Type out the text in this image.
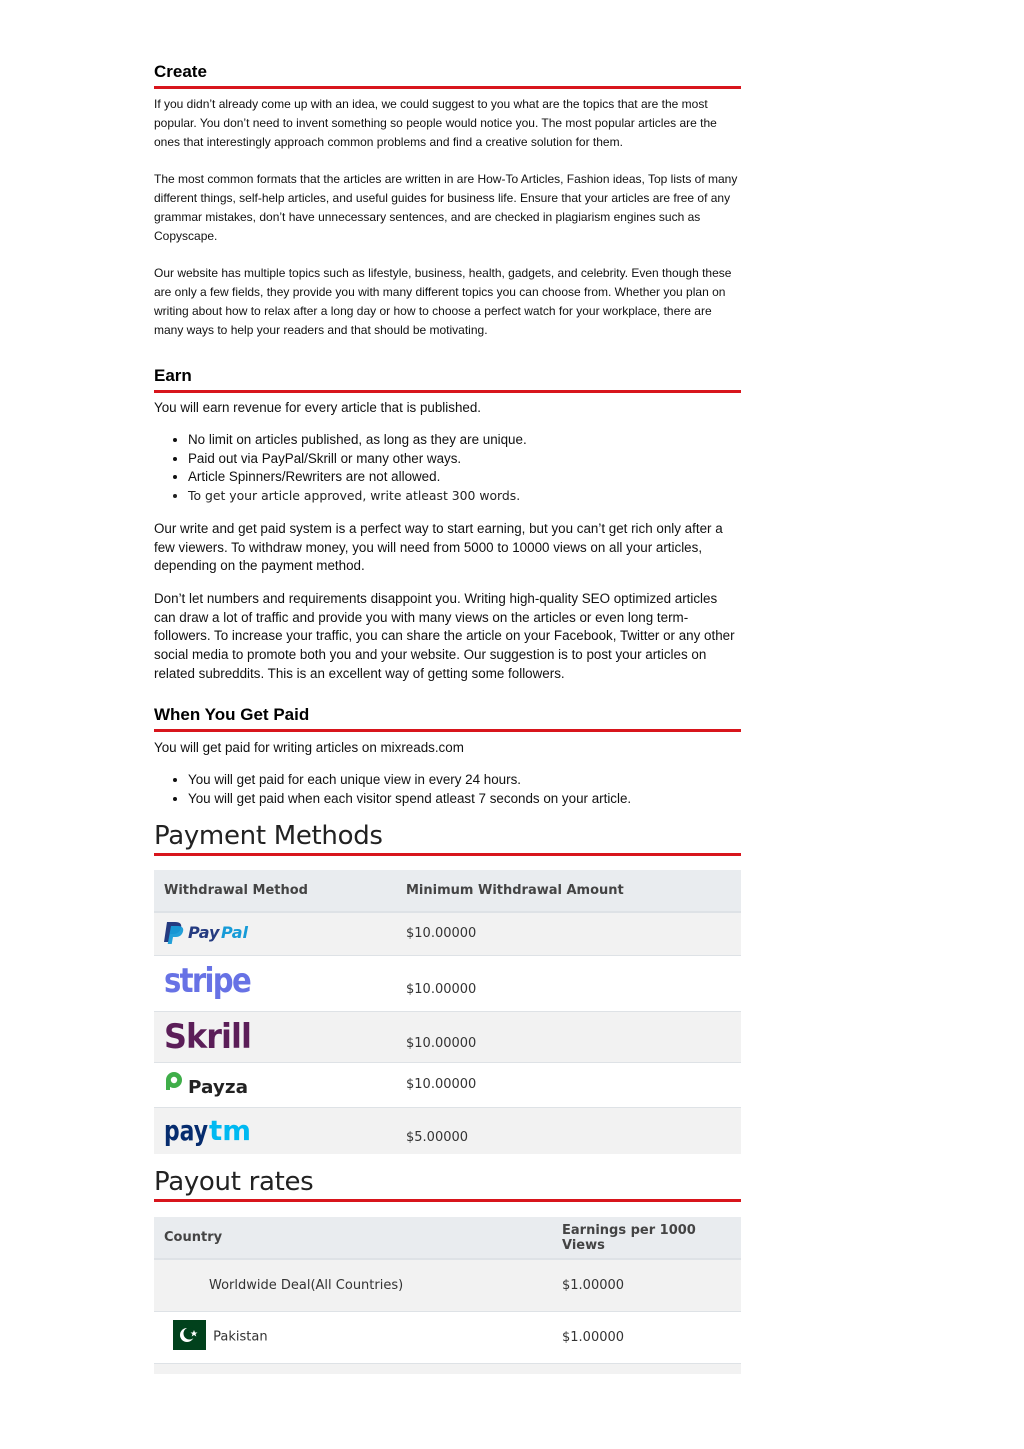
Create

If you didn’t already come up with an idea, we could suggest to you what are the topics that are the most popular. You don’t need to invent something so people would notice you. The most popular articles are the ones that interestingly approach common problems and find a creative solution for them.

The most common formats that the articles are written in are How-To Articles, Fashion ideas, Top lists of many different things, self-help articles, and useful guides for business life. Ensure that your articles are free of any grammar mistakes, don’t have unnecessary sentences, and are checked in plagiarism engines such as Copyscape.

Our website has multiple topics such as lifestyle, business, health, gadgets, and celebrity. Even though these are only a few fields, they provide you with many different topics you can choose from. Whether you plan on writing about how to relax after a long day or how to choose a perfect watch for your workplace, there are many ways to help your readers and that should be motivating.

Earn

You will earn revenue for every article that is published.

• No limit on articles published, as long as they are unique.
• Paid out via PayPal/Skrill or many other ways.
• Article Spinners/Rewriters are not allowed.
• To get your article approved, write atleast 300 words.

Our write and get paid system is a perfect way to start earning, but you can’t get rich only after a few viewers. To withdraw money, you will need from 5000 to 10000 views on all your articles, depending on the payment method.

Don’t let numbers and requirements disappoint you. Writing high-quality SEO optimized articles can draw a lot of traffic and provide you with many views on the articles or even long term-followers. To increase your traffic, you can share the article on your Facebook, Twitter or any other social media to promote both you and your website. Our suggestion is to post your articles on related subreddits. This is an excellent way of getting some followers.

When You Get Paid

You will get paid for writing articles on mixreads.com

• You will get paid for each unique view in every 24 hours.
• You will get paid when each visitor spend atleast 7 seconds on your article.
Payment Methods
Withdrawal Method	Minimum Withdrawal Amount

Pay Pal	$10.00000

stripe	$10.00000

Skrill	$10.00000

Payza	$10.00000

pay tm	$5.00000
Payout rates
Country	Earnings per 1000 Views
Worldwide Deal(All Countries)	$1.00000
Pakistan	$1.00000
